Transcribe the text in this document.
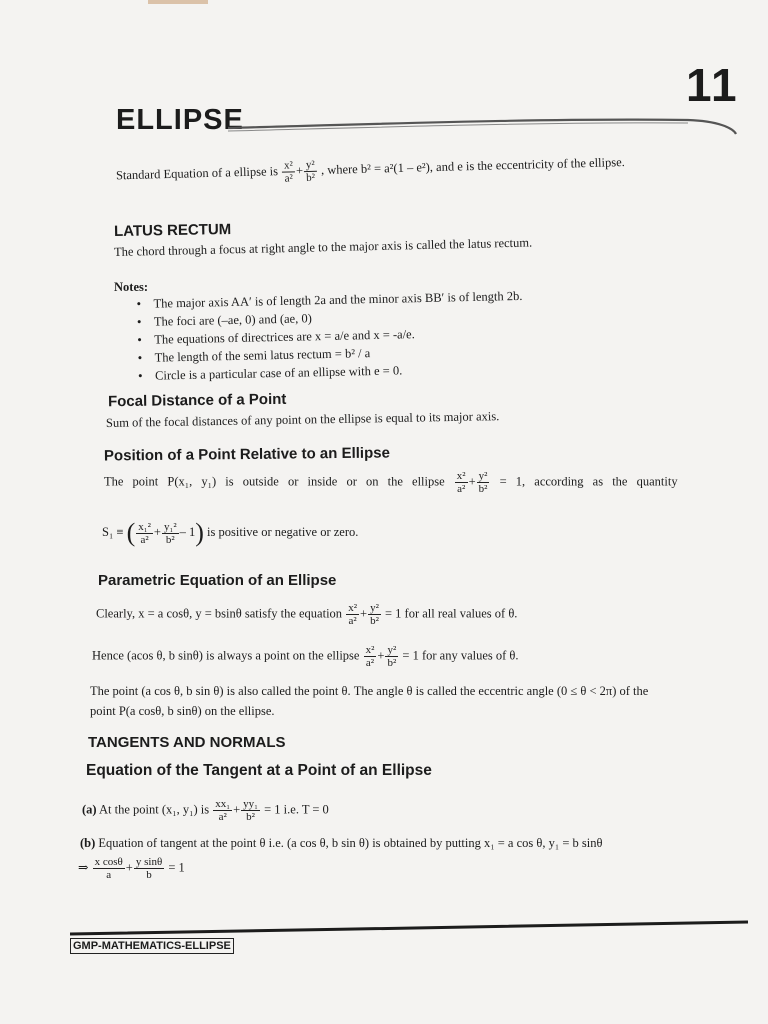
11
ELLIPSE
Standard Equation of a ellipse is $\frac{\text{x²}}{\text{a²}} + \frac{\text{y²}}{\text{b²}}$ , where b² = a²(1 – e²), and e is the eccentricity of the ellipse.
LATUS RECTUM
The chord through a focus at right angle to the major axis is called the latus rectum.
Notes:
• The major axis AA′ is of length 2a and the minor axis BB′ is of length 2b.
• The foci are (–ae, 0) and (ae, 0)
• The equations of directrices are x = a/e and x = -a/e.
• The length of the semi latus rectum = b² / a
• Circle is a particular case of an ellipse with e = 0.
Focal Distance of a Point
Sum of the focal distances of any point on the ellipse is equal to its major axis.
Position of a Point Relative to an Ellipse
The point P(x₁, y₁) is outside or inside or on the ellipse $\frac{\text{x²}}{\text{a²}} + \frac{\text{y²}}{\text{b²}} = 1$, according as the quantity
S₁ ≡ ( $\frac{\text{x₁²}}{\text{a²}} + \frac{\text{y₁²}}{\text{b²}} - 1$) is positive or negative or zero.
Parametric Equation of an Ellipse
Clearly, x = a cosθ, y = bsinθ satisfy the equation $\frac{\text{x²}}{\text{a²}} + \frac{\text{y²}}{\text{b²}} = 1$ for all real values of θ.
Hence (acos θ, b sinθ) is always a point on the ellipse $\frac{\text{x²}}{\text{a²}} + \frac{\text{y²}}{\text{b²}} = 1$ for any values of θ.
The point (a cos θ, b sin θ) is also called the point θ. The angle θ is called the eccentric angle (0 ≤ θ < 2π) of the
point P(a cosθ, b sinθ) on the ellipse.
TANGENTS AND NORMALS
Equation of the Tangent at a Point of an Ellipse
(a) At the point (x₁, y₁) is $\frac{\text{xx₁}}{\text{a²}} + \frac{\text{yy₁}}{\text{b²}} = 1$ i.e. T = 0
(b) Equation of tangent at the point θ i.e. (a cos θ, b sin θ) is obtained by putting x₁ = a cos θ, y₁ = b sinθ
⇒ $\frac{\text{x cosθ}}{a} + \frac{\text{y sinθ}}{b} = 1$
GMP-MATHEMATICS-ELLIPSE
